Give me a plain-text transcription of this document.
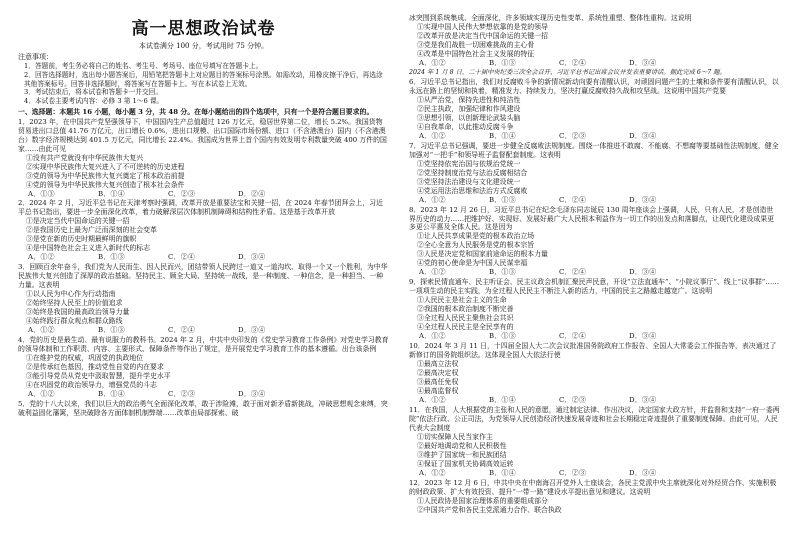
高一思想政治试卷
本试卷满分 100 分，考试用时 75 分钟。
注意事项：

1．答题前，考生务必将自己的姓名、考生号、考场号、座位号填写在答题卡上。

2．回答选择题时，选出每小题答案后，用铅笔把答题卡上对应题目的答案标号涂黑。如需改动，用橡皮擦干净后，再选涂其他答案标号。回答非选择题时，将答案写在答题卡上。写在本试卷上无效。

3．考试结束后，将本试卷和答题卡一并交回。

4．本试卷主要考试内容：必修 3 第 1～6 课。

一、选择题：本题共 16 小题，每小题 3 分，共 48 分。在每小题给出的四个选项中，只有一个是符合题目要求的。

1．2023 年，在中国共产党坚强领导下，中国国内生产总值超过 126 万亿元，稳居世界第二位，增长 5.2%。我国货物贸易进出口总值 41.76 万亿元，出口增长 0.6%，进出口规模、出口国际市场份额、进口（不含港澳台）国内（不含港澳台）数字经济规模达到 401.5 万亿元，同比增长 22.4%。我国成为世界上首个国内有效发明专利数量突破 400 万件的国家……由此可见

①没有共产党就没有中华民族伟大复兴

②实现中华民族伟大复兴进入了不可逆转的历史进程

③党的领导为中华民族伟大复兴奠定了根本政治前提

④党的领导为中华民族伟大复兴创造了根本社会条件

A．①③	B．①④	C．②③	D．②④

2．2024 年 2 月，习近平总书记在天津考察时强调，改革开放是重要法宝和关键一招，在 2024 年春节团拜会上，习近平总书记指出，要进一步全面深化改革，着力破解深层次体制机制障碍和结构性矛盾。这是基于改革开放

①是决定当代中国命运的关键一招

②是我国历史上最为广泛而深刻的社会变革

③是党在新的历史时期最鲜明的旗帜

④是中国特色社会主义进入新时代的标志

A．①②	B．①③	C．②④	D．③④

3．回顾百余年奋斗，我们党为人民而生、因人民而兴，团结带领人民跨过一道又一道沟坎、取得一个又一个胜利，为中华民族伟大复兴创造了深厚的政治基础。坚持民主、顾全大局、坚持统一战线，是一种制度、一种信念，是一种担当、一种力量。这表明

①以人民为中心作为行动指南

②始终坚持人民至上的价值追求

③始终是我国的最高政治领导力量

④始终践行群众观点和群众路线

A．①②	B．①③	C．②④	D．③④

4．党的历史是最生动、最有说服力的教科书。2024 年 2 月，中共中央印发的《党史学习教育工作条例》对党史学习教育的领导体制和工作职责、内容、主要形式、保障条件等作出了规定，是开展党史学习教育工作的基本遵循。出台该条例

①在维护党的权威，巩固党的执政地位

②是传承红色基因，推动党性自觉的内在要求

③能引导党员从党史中汲取智慧，提升学史水平

④在巩固党的政治领导力，增强党员的斗志

A．①②	B．①④	C．②③	D．③④

5．党的十八大以来，我们以巨大的政治勇气全面深化改革，敢于涉险滩，敢于面对新矛盾新挑战，冲破思想观念束缚，突破利益固化藩篱，坚决破除各方面体制机制弊端……改革由局部探索、破

冰突围到系统集成、全面深化，许多领域实现历史性变革、系统性重塑、整体性重构。这说明

①实现中国人民伟大梦想依靠的是党的领导

②改革开放是决定当代中国命运的关键一招

③党是我们战胜一切困难挑战的主心骨

④改革是中国特色社会主义发展的特征

A．①②	B．①③	C．②④	D．③④

2024 年 1 月 8 日，二十届中央纪委三次全会召开，习近平总书记出席会议并发表重要讲话。据此完成 6～7 题。

6．习近平总书记指出，我们对反腐败斗争的新情况新动向要有清醒认识，对顽固问题产生的土壤和条件要有清醒认识，以永远在路上的坚韧和执着，精准发力、持续发力，坚决打赢反腐败持久战和攻坚战。这说明中国共产党要

①从严治党，保持先进性和纯洁性

②民主执政，加强纪律和作风建设

③思想引领，以创新理论武装头脑

④自我革命，以此推动反腐斗争

A．①②	B．①④	C．②③	D．③④

7．习近平总书记强调，要进一步健全反腐败法规制度。围绕一体推进不敢腐、不能腐、不想腐等要基础性法规制度，健全加强对“一把手”和领导班子监督配套制度。这表明

①党坚持依宪治国与依规治党统一

②党坚持制度治党与法治反腐相结合

③党坚持法治建设与文化建设统一

④党运用法治思维和法治方式反腐败

A．①②	B．①③	C．②④	D．③④

8．2023 年 12 月 26 日，习近平总书记在纪念毛泽东同志诞辰 130 周年座谈会上强调，人民，只有人民，才是创造世界历史的动力……把维护好、实现好、发展好最广大人民根本利益作为一切工作的出发点和落脚点，让现代化建设成果更多更公平惠及全体人民。这是因为

①让人民共享成果是党的根本政治立场

②全心全意为人民服务是党的根本宗旨

③人民是决定党和国家前途命运的根本力量

④党的初心使命是为中国人民谋幸福

A．①②	B．①③	C．②④	D．③④

9．探索民情直通车、民主听证会、民主议政会机制汇聚民声民意，开设“立法直通车”、“小院议事厅”、线上“议事群”……一项项生动的民主实践，为全过程人民民主不断注入新的活力，中国的民主之路越走越宽广。这说明

①人民民主是社会主义的生命

②我国的根本政治制度不断完善

③全过程人民民主聚焦社会共识

④全过程人民民主是全民享有的

A．①②	B．①③	C．②④	D．③④

10．2024 年 3 月 11 日，十四届全国人大二次会议批准国务院政府工作报告、全国人大常委会工作报告等，表决通过了新修订的国务院组织法。这体现全国人大依法行使

①最高立法权

②最高决定权

③最高任免权

④最高监督权

A．①②	B．①④	C．②③	D．③④

11．在我国，人大根据党的主张和人民的意愿，通过制定法律、作出决议，决定国家大政方针，并监督和支持“一府一委两院”依法行政、公正司法，为党领导人民创造经济快速发展奇迹和社会长期稳定奇迹提供了重要制度保障。由此可见，人民代表大会制度

①切实保障人民当家作主

②最好地调动党和人民积极性

③维护了国家统一和民族团结

④保证了国家机关协调高效运转

A．①②	B．①④	C．②③	D．③④

12．2023 年 12 月 6 日，中共中央在中南海召开党外人士座谈会，各民主党派中央主席就深化对外经贸合作、实施积极的财政政策、扩大有效投资、提升“一带一路”建设水平提出意见和建议。这说明

①人民政协是国家治理体系的重要组成部分

②中国共产党和各民主党派通力合作、联合执政
